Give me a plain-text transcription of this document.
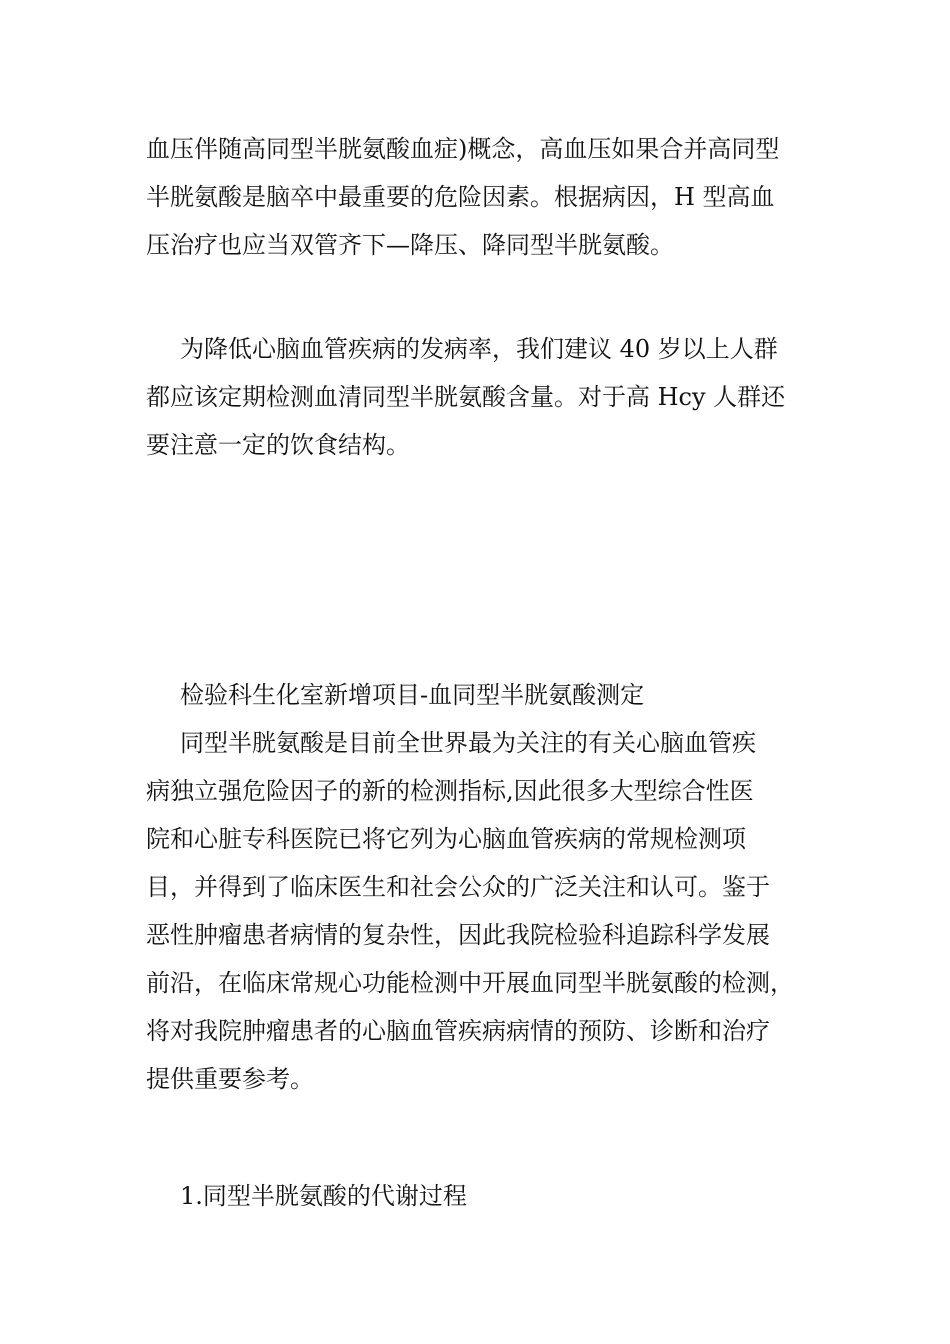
血压伴随高同型半胱氨酸血症)概念，高血压如果合并高同型
半胱氨酸是脑卒中最重要的危险因素。根据病因，H 型高血
压治疗也应当双管齐下—降压、降同型半胱氨酸。
为降低心脑血管疾病的发病率，我们建议 40 岁以上人群
都应该定期检测血清同型半胱氨酸含量。对于高 Hcy 人群还
要注意一定的饮食结构。
检验科生化室新增项目-血同型半胱氨酸测定
同型半胱氨酸是目前全世界最为关注的有关心脑血管疾
病独立强危险因子的新的检测指标,因此很多大型综合性医
院和心脏专科医院已将它列为心脑血管疾病的常规检测项
目，并得到了临床医生和社会公众的广泛关注和认可。鉴于
恶性肿瘤患者病情的复杂性，因此我院检验科追踪科学发展
前沿，在临床常规心功能检测中开展血同型半胱氨酸的检测，
将对我院肿瘤患者的心脑血管疾病病情的预防、诊断和治疗
提供重要参考。
1.同型半胱氨酸的代谢过程
